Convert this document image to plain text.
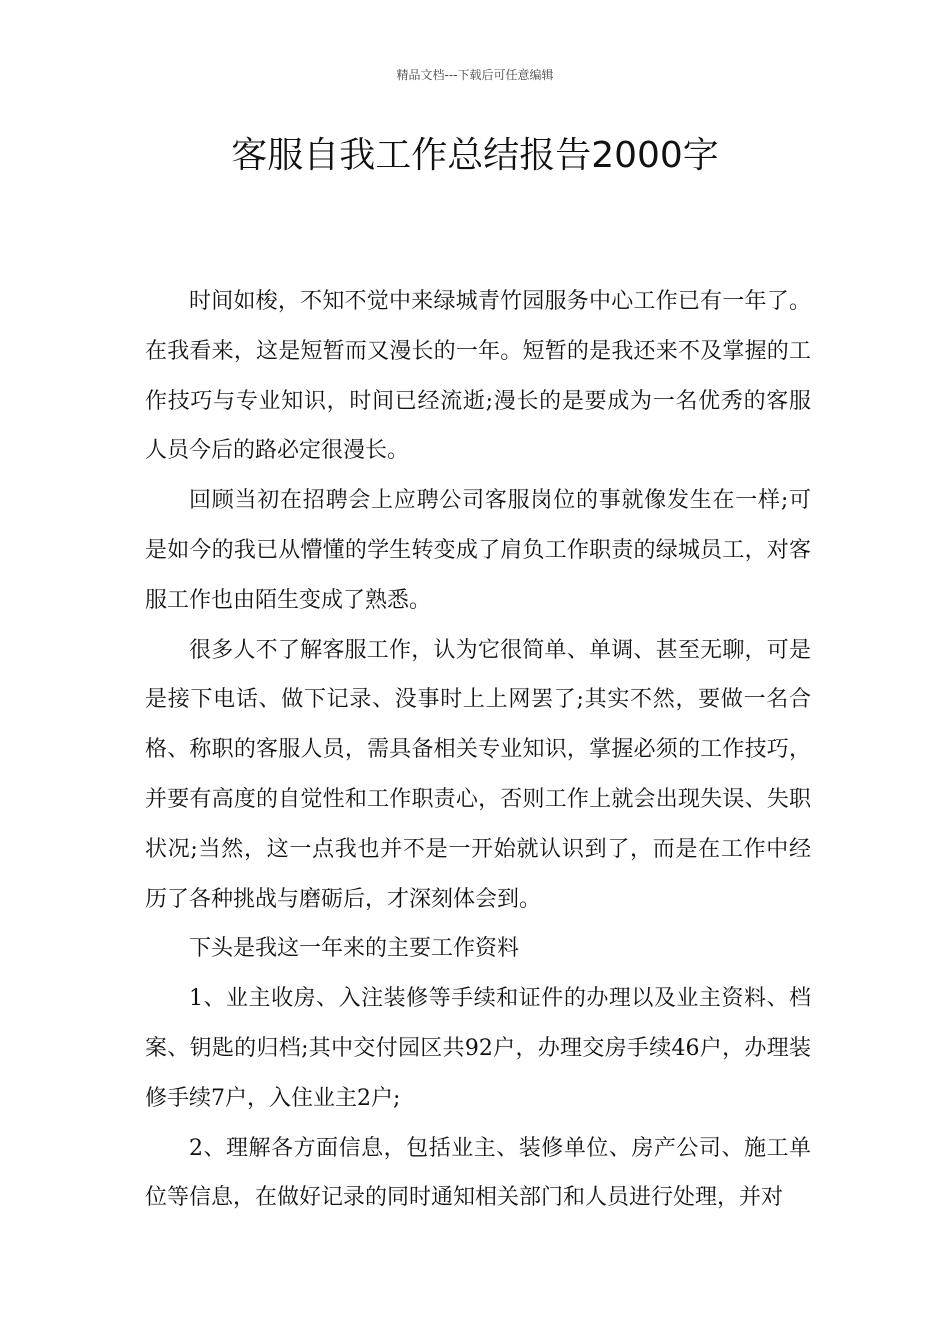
精品文档---下载后可任意编辑
客服自我工作总结报告2000字

时间如梭，不知不觉中来绿城青竹园服务中心工作已有一年了。在我看来，这是短暂而又漫长的一年。短暂的是我还来不及掌握的工作技巧与专业知识，时间已经流逝;漫长的是要成为一名优秀的客服人员今后的路必定很漫长。

回顾当初在招聘会上应聘公司客服岗位的事就像发生在一样;可是如今的我已从懵懂的学生转变成了肩负工作职责的绿城员工，对客服工作也由陌生变成了熟悉。

很多人不了解客服工作，认为它很简单、单调、甚至无聊，可是是接下电话、做下记录、没事时上上网罢了;其实不然，要做一名合格、称职的客服人员，需具备相关专业知识，掌握必须的工作技巧，并要有高度的自觉性和工作职责心，否则工作上就会出现失误、失职状况;当然，这一点我也并不是一开始就认识到了，而是在工作中经历了各种挑战与磨砺后，才深刻体会到。

下头是我这一年来的主要工作资料

1、业主收房、入注装修等手续和证件的办理以及业主资料、档案、钥匙的归档;其中交付园区共92户，办理交房手续46户，办理装修手续7户，入住业主2户;

2、理解各方面信息，包括业主、装修单位、房产公司、施工单位等信息，在做好记录的同时通知相关部门和人员进行处理，并对
